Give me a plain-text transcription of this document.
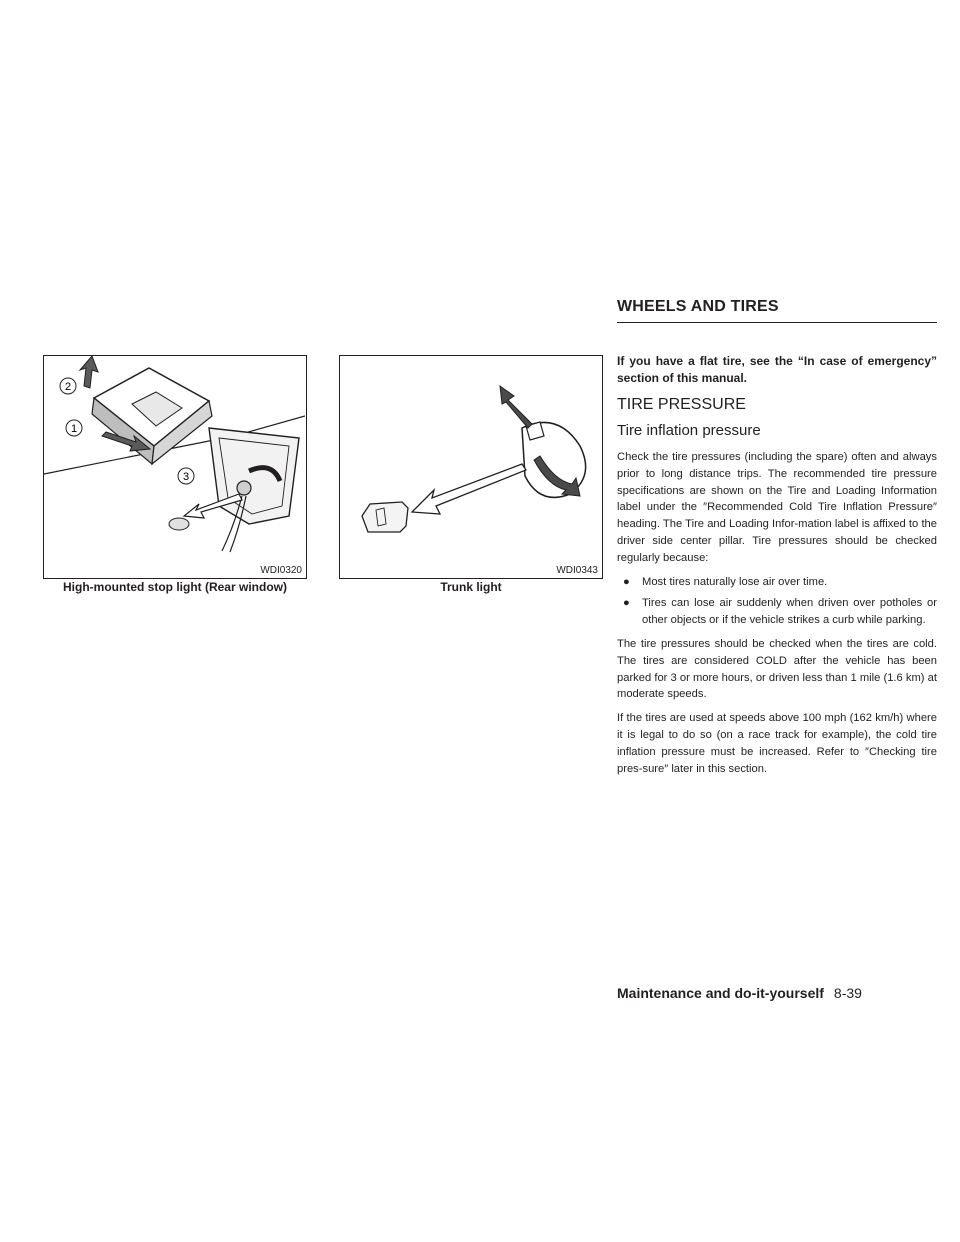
WHEELS AND TIRES
2
1
3
WDI0320
High-mounted stop light (Rear window)
WDI0343
Trunk light

If you have a flat tire, see the “In case of emergency” section of this manual.

TIRE PRESSURE
Tire inflation pressure

Check the tire pressures (including the spare) often and always prior to long distance trips. The recommended tire pressure specifications are shown on the Tire and Loading Information label under the ″Recommended Cold Tire Inflation Pressure″ heading. The Tire and Loading Infor-mation label is affixed to the driver side center pillar. Tire pressures should be checked regularly because:

● Most tires naturally lose air over time.
● Tires can lose air suddenly when driven over potholes or other objects or if the vehicle strikes a curb while parking.

The tire pressures should be checked when the tires are cold. The tires are considered COLD after the vehicle has been parked for 3 or more hours, or driven less than 1 mile (1.6 km) at moderate speeds.

If the tires are used at speeds above 100 mph (162 km/h) where it is legal to do so (on a race track for example), the cold tire inflation pressure must be increased. Refer to ″Checking tire pres-sure″ later in this section.

Maintenance and do-it-yourself 8-39
